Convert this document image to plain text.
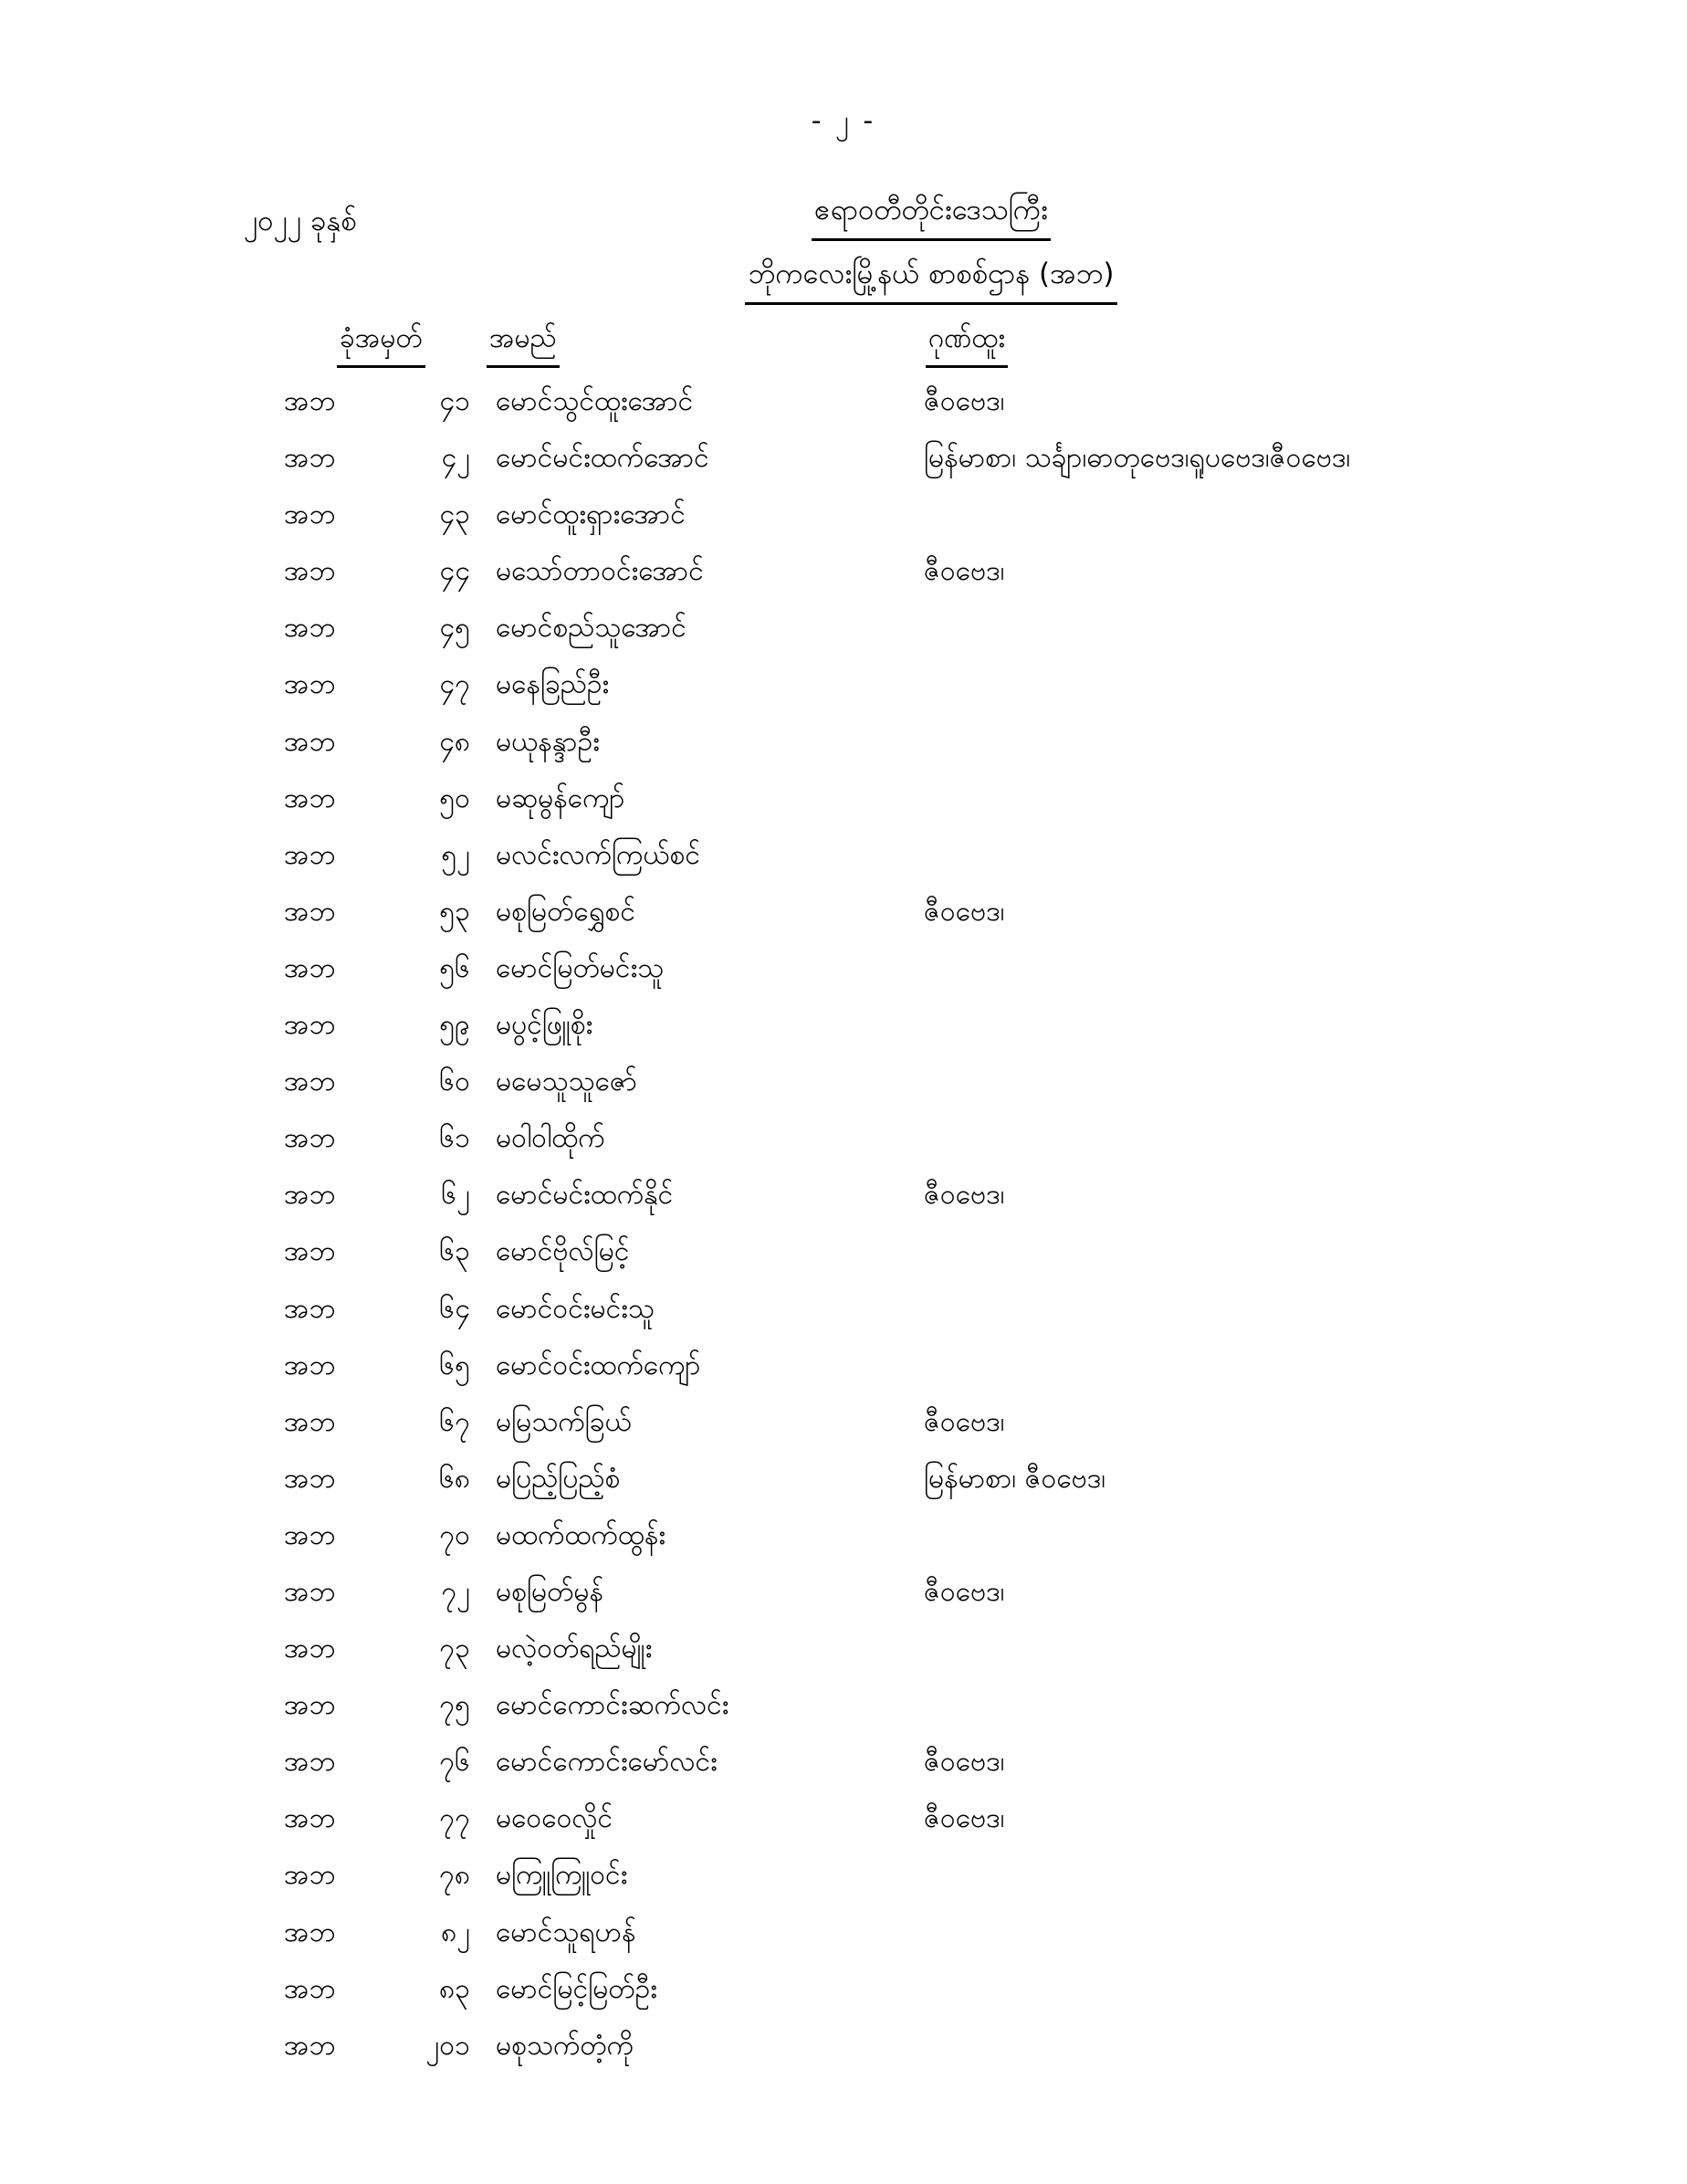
- ၂ -
၂၀၂၂ ခုနှစ်	ဧရာဝတီတိုင်းဒေသကြီး
ဘိုကလေးမြို့နယ် စာစစ်ဌာန (အဘ)
ခုံအမှတ် အမည်	ဂုဏ်ထူး
အဘ	၄၁ မောင်သွင်ထူးအောင်	ဇီဝဗေဒ၊
အဘ	၄၂ မောင်မင်းထက်အောင်	မြန်မာစာ၊ သင်္ချာ၊ဓာတုဗေဒ၊ရူပဗေဒ၊ဇီဝဗေဒ၊
အဘ	၄၃ မောင်ထူးရှားအောင်
အဘ	၄၄ မသော်တာဝင်းအောင်	ဇီဝဗေဒ၊
အဘ	၄၅ မောင်စည်သူအောင်
အဘ	၄၇ မနေခြည်ဦး
အဘ	၄၈ မယုနန္ဒာဦး
အဘ	၅၀ မဆုမွန်ကျော်
အဘ	၅၂ မလင်းလက်ကြယ်စင်
အဘ	၅၃ မစုမြတ်ရွှေစင်	ဇီဝဗေဒ၊
အဘ	၅၆ မောင်မြတ်မင်းသူ
အဘ	၅၉ မပွင့်ဖြူစိုး
အဘ	၆၀ မမေသူသူဇော်
အဘ	၆၁ မဝါဝါထိုက်
အဘ	၆၂ မောင်မင်းထက်နိုင်	ဇီဝဗေဒ၊
အဘ	၆၃ မောင်ဗိုလ်မြင့်
အဘ	၆၄ မောင်ဝင်းမင်းသူ
အဘ	၆၅ မောင်ဝင်းထက်ကျော်
အဘ	၆၇ မမြသက်ခြယ်	ဇီဝဗေဒ၊
အဘ	၆၈ မပြည့်ပြည့်စံ	မြန်မာစာ၊ ဇီဝဗေဒ၊
အဘ	၇၀ မထက်ထက်ထွန်း
အဘ	၇၂ မစုမြတ်မွန်	ဇီဝဗေဒ၊
အဘ	၇၃ မလဲ့ဝတ်ရည်မျိုး
အဘ	၇၅ မောင်ကောင်းဆက်လင်း
အဘ	၇၆ မောင်ကောင်းမော်လင်း	ဇီဝဗေဒ၊
အဘ	၇၇ မဝေဝေလှိုင်	ဇီဝဗေဒ၊
အဘ	၇၈ မကြူကြူဝင်း
အဘ	၈၂ မောင်သူရဟန်
အဘ	၈၃ မောင်မြင့်မြတ်ဦး
အဘ	၂၀၁ မစုသက်တံ့ကို
